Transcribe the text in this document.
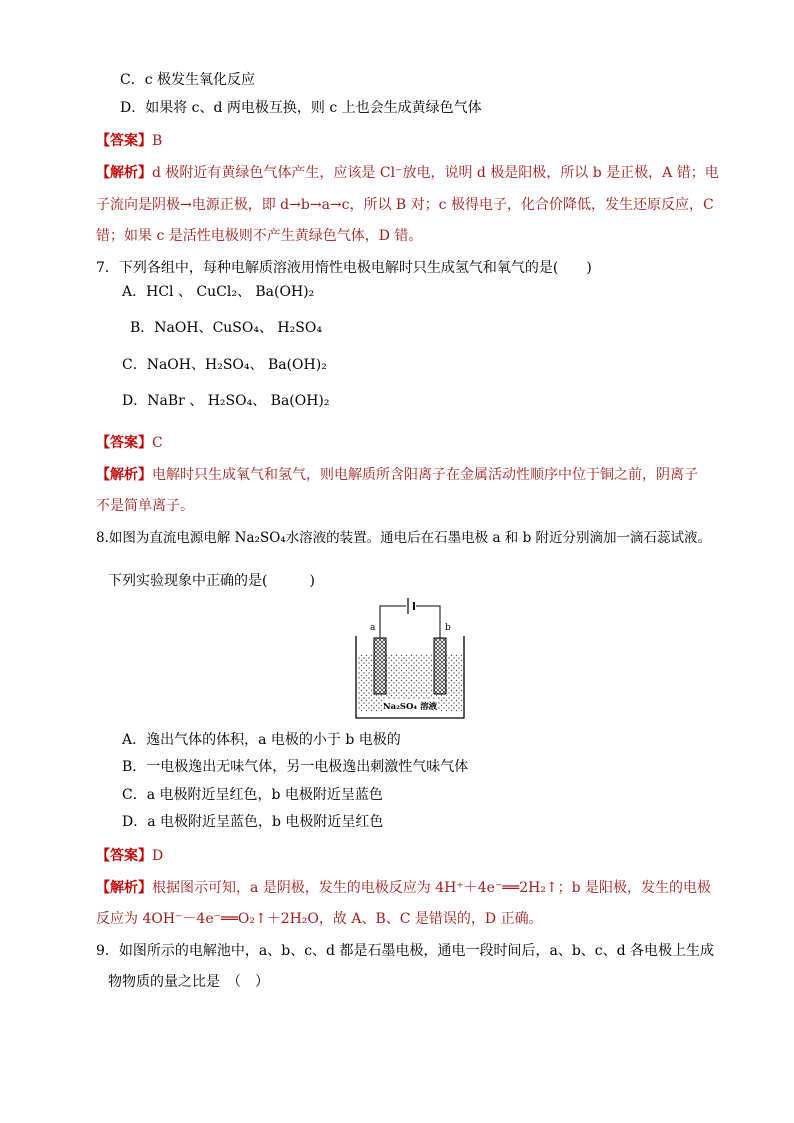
C．c 极发生氧化反应
D．如果将 c、d 两电极互换，则 c 上也会生成黄绿色气体
【答案】B
【解析】d 极附近有黄绿色气体产生，应该是 Cl⁻放电，说明 d 极是阳极，所以 b 是正极，A 错；电
子流向是阴极→电源正极，即 d→b→a→c，所以 B 对；c 极得电子，化合价降低，发生还原反应，C
错；如果 c 是活性电极则不产生黄绿色气体，D 错。
7．下列各组中，每种电解质溶液用惰性电极电解时只生成氢气和氧气的是(　　)
A．HCl 、 CuCl₂、 Ba(OH)₂
B．NaOH、CuSO₄、 H₂SO₄
C．NaOH、H₂SO₄、 Ba(OH)₂
D．NaBr 、 H₂SO₄、 Ba(OH)₂
【答案】C
【解析】电解时只生成氧气和氢气，则电解质所含阳离子在金属活动性顺序中位于铜之前，阴离子
不是简单离子。
8.如图为直流电源电解 Na₂SO₄水溶液的装置。通电后在石墨电极 a 和 b 附近分别滴加一滴石蕊试液。
下列实验现象中正确的是(　　　)
a	b
Na₂SO₄ 溶液
A．逸出气体的体积，a 电极的小于 b 电极的
B．一电极逸出无味气体，另一电极逸出刺激性气味气体
C．a 电极附近呈红色，b 电极附近呈蓝色
D．a 电极附近呈蓝色，b 电极附近呈红色
【答案】D
【解析】根据图示可知，a 是阴极，发生的电极反应为 4H⁺＋4e⁻══2H₂↑；b 是阳极，发生的电极
反应为 4OH⁻－4e⁻══O₂↑＋2H₂O，故 A、B、C 是错误的，D 正确。
9．如图所示的电解池中，a、b、c、d 都是石墨电极，通电一段时间后，a、b、c、d 各电极上生成
物物质的量之比是　（　）
